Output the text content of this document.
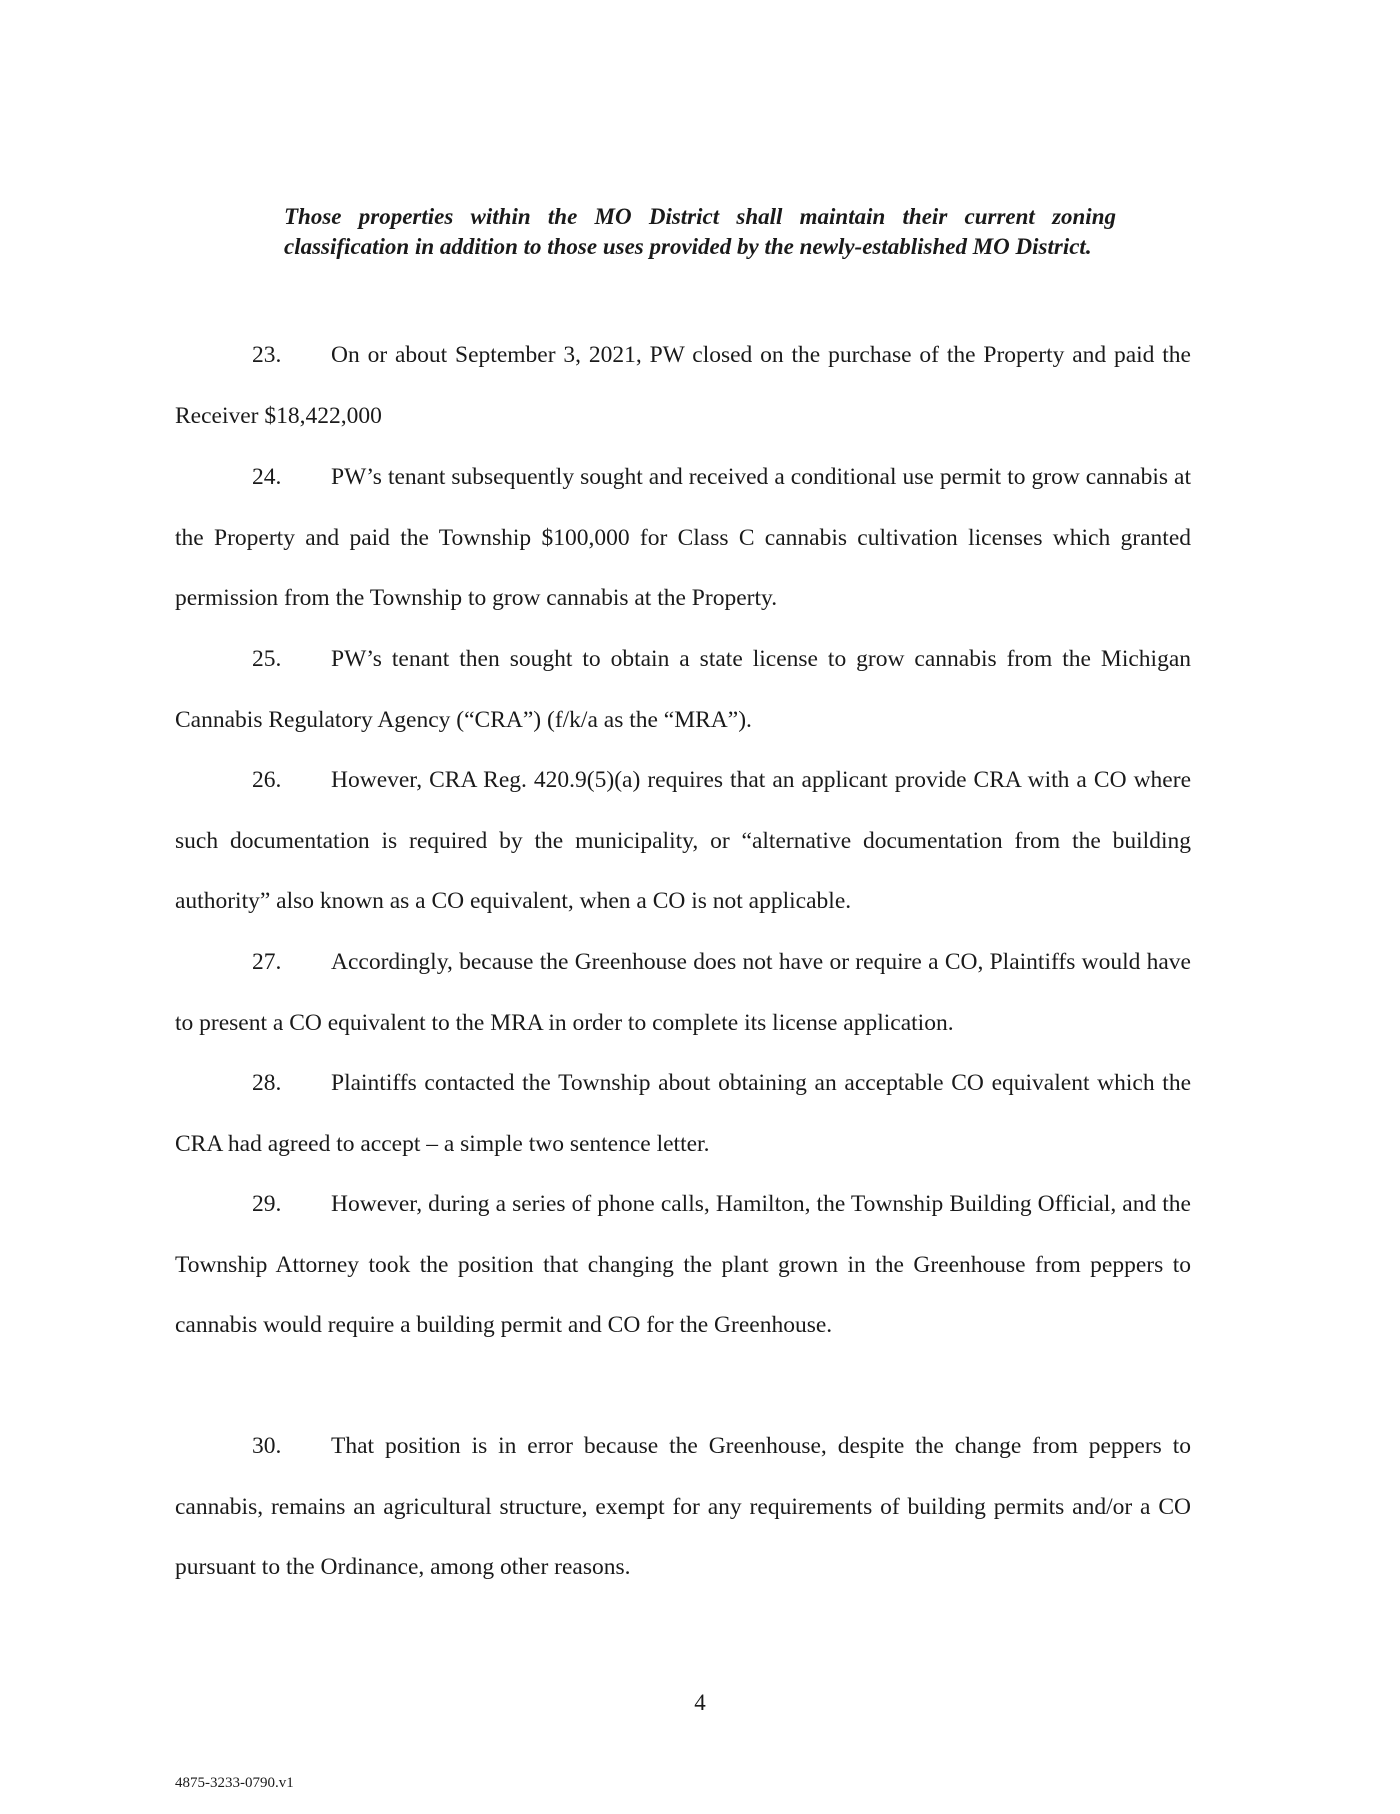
Those properties within the MO District shall maintain their current zoning classification in addition to those uses provided by the newly-established MO District.
23. On or about September 3, 2021, PW closed on the purchase of the Property and paid the Receiver $18,422,000
24. PW’s tenant subsequently sought and received a conditional use permit to grow cannabis at the Property and paid the Township $100,000 for Class C cannabis cultivation licenses which granted permission from the Township to grow cannabis at the Property.
25. PW’s tenant then sought to obtain a state license to grow cannabis from the Michigan Cannabis Regulatory Agency (“CRA”) (f/k/a as the “MRA”).
26. However, CRA Reg. 420.9(5)(a) requires that an applicant provide CRA with a CO where such documentation is required by the municipality, or “alternative documentation from the building authority” also known as a CO equivalent, when a CO is not applicable.
27. Accordingly, because the Greenhouse does not have or require a CO, Plaintiffs would have to present a CO equivalent to the MRA in order to complete its license application.
28. Plaintiffs contacted the Township about obtaining an acceptable CO equivalent which the CRA had agreed to accept – a simple two sentence letter.
29. However, during a series of phone calls, Hamilton, the Township Building Official, and the Township Attorney took the position that changing the plant grown in the Greenhouse from peppers to cannabis would require a building permit and CO for the Greenhouse.
30. That position is in error because the Greenhouse, despite the change from peppers to cannabis, remains an agricultural structure, exempt for any requirements of building permits and/or a CO pursuant to the Ordinance, among other reasons.
4
4875-3233-0790.v1
